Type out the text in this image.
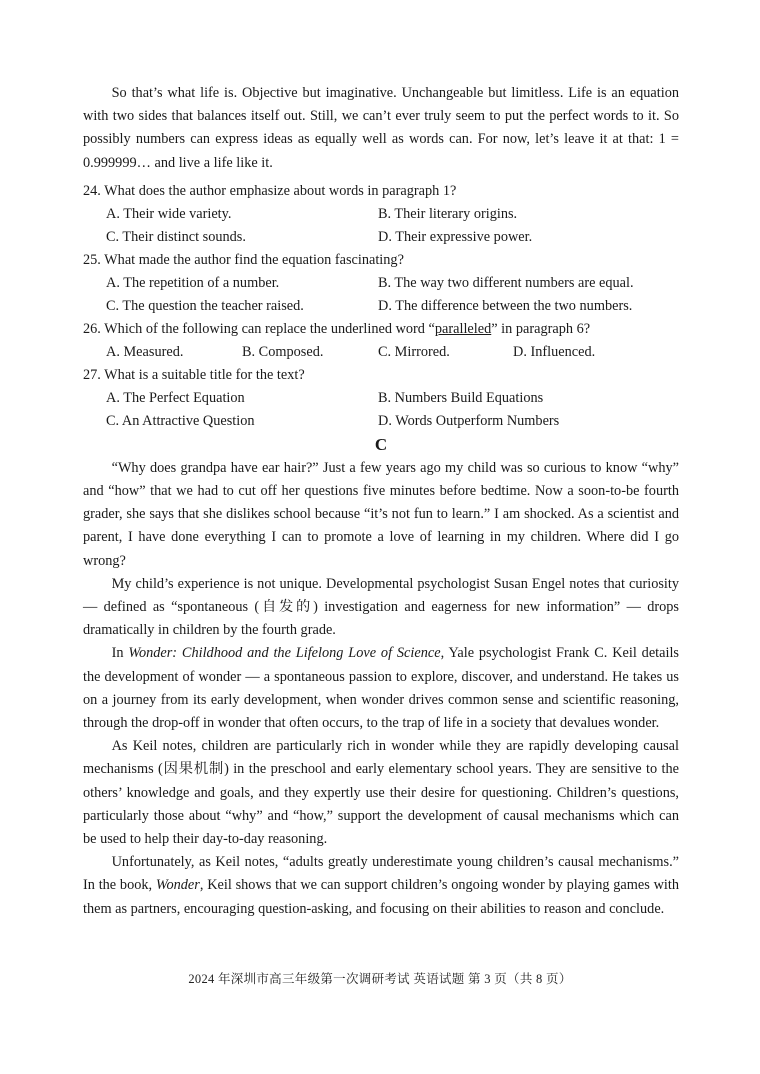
So that’s what life is. Objective but imaginative. Unchangeable but limitless. Life is an equation with two sides that balances itself out. Still, we can’t ever truly seem to put the perfect words to it. So possibly numbers can express ideas as equally well as words can. For now, let’s leave it at that: 1 = 0.999999… and live a life like it.

24. What does the author emphasize about words in paragraph 1?

A. Their wide variety.	B. Their literary origins.
C. Their distinct sounds.	D. Their expressive power.

25. What made the author find the equation fascinating?

A. The repetition of a number.	B. The way two different numbers are equal.
C. The question the teacher raised.	D. The difference between the two numbers.

26. Which of the following can replace the underlined word “paralleled” in paragraph 6?

A. Measured.	B. Composed.	C. Mirrored.	D. Influenced.

27. What is a suitable title for the text?

A. The Perfect Equation	B. Numbers Build Equations
C. An Attractive Question	D. Words Outperform Numbers
C

“Why does grandpa have ear hair?” Just a few years ago my child was so curious to know “why” and “how” that we had to cut off her questions five minutes before bedtime. Now a soon-to-be fourth grader, she says that she dislikes school because “it’s not fun to learn.” I am shocked. As a scientist and parent, I have done everything I can to promote a love of learning in my children. Where did I go wrong?

My child’s experience is not unique. Developmental psychologist Susan Engel notes that curiosity — defined as “spontaneous (自发的) investigation and eagerness for new information” — drops dramatically in children by the fourth grade.

In Wonder: Childhood and the Lifelong Love of Science, Yale psychologist Frank C. Keil details the development of wonder — a spontaneous passion to explore, discover, and understand. He takes us on a journey from its early development, when wonder drives common sense and scientific reasoning, through the drop-off in wonder that often occurs, to the trap of life in a society that devalues wonder.

As Keil notes, children are particularly rich in wonder while they are rapidly developing causal mechanisms (因果机制) in the preschool and early elementary school years. They are sensitive to the others’ knowledge and goals, and they expertly use their desire for questioning. Children’s questions, particularly those about “why” and “how,” support the development of causal mechanisms which can be used to help their day-to-day reasoning.

Unfortunately, as Keil notes, “adults greatly underestimate young children’s causal mechanisms.” In the book, Wonder, Keil shows that we can support children’s ongoing wonder by playing games with them as partners, encouraging question-asking, and focusing on their abilities to reason and conclude.

2024 年深圳市高三年级第一次调研考试 英语试题 第 3 页（共 8 页）
